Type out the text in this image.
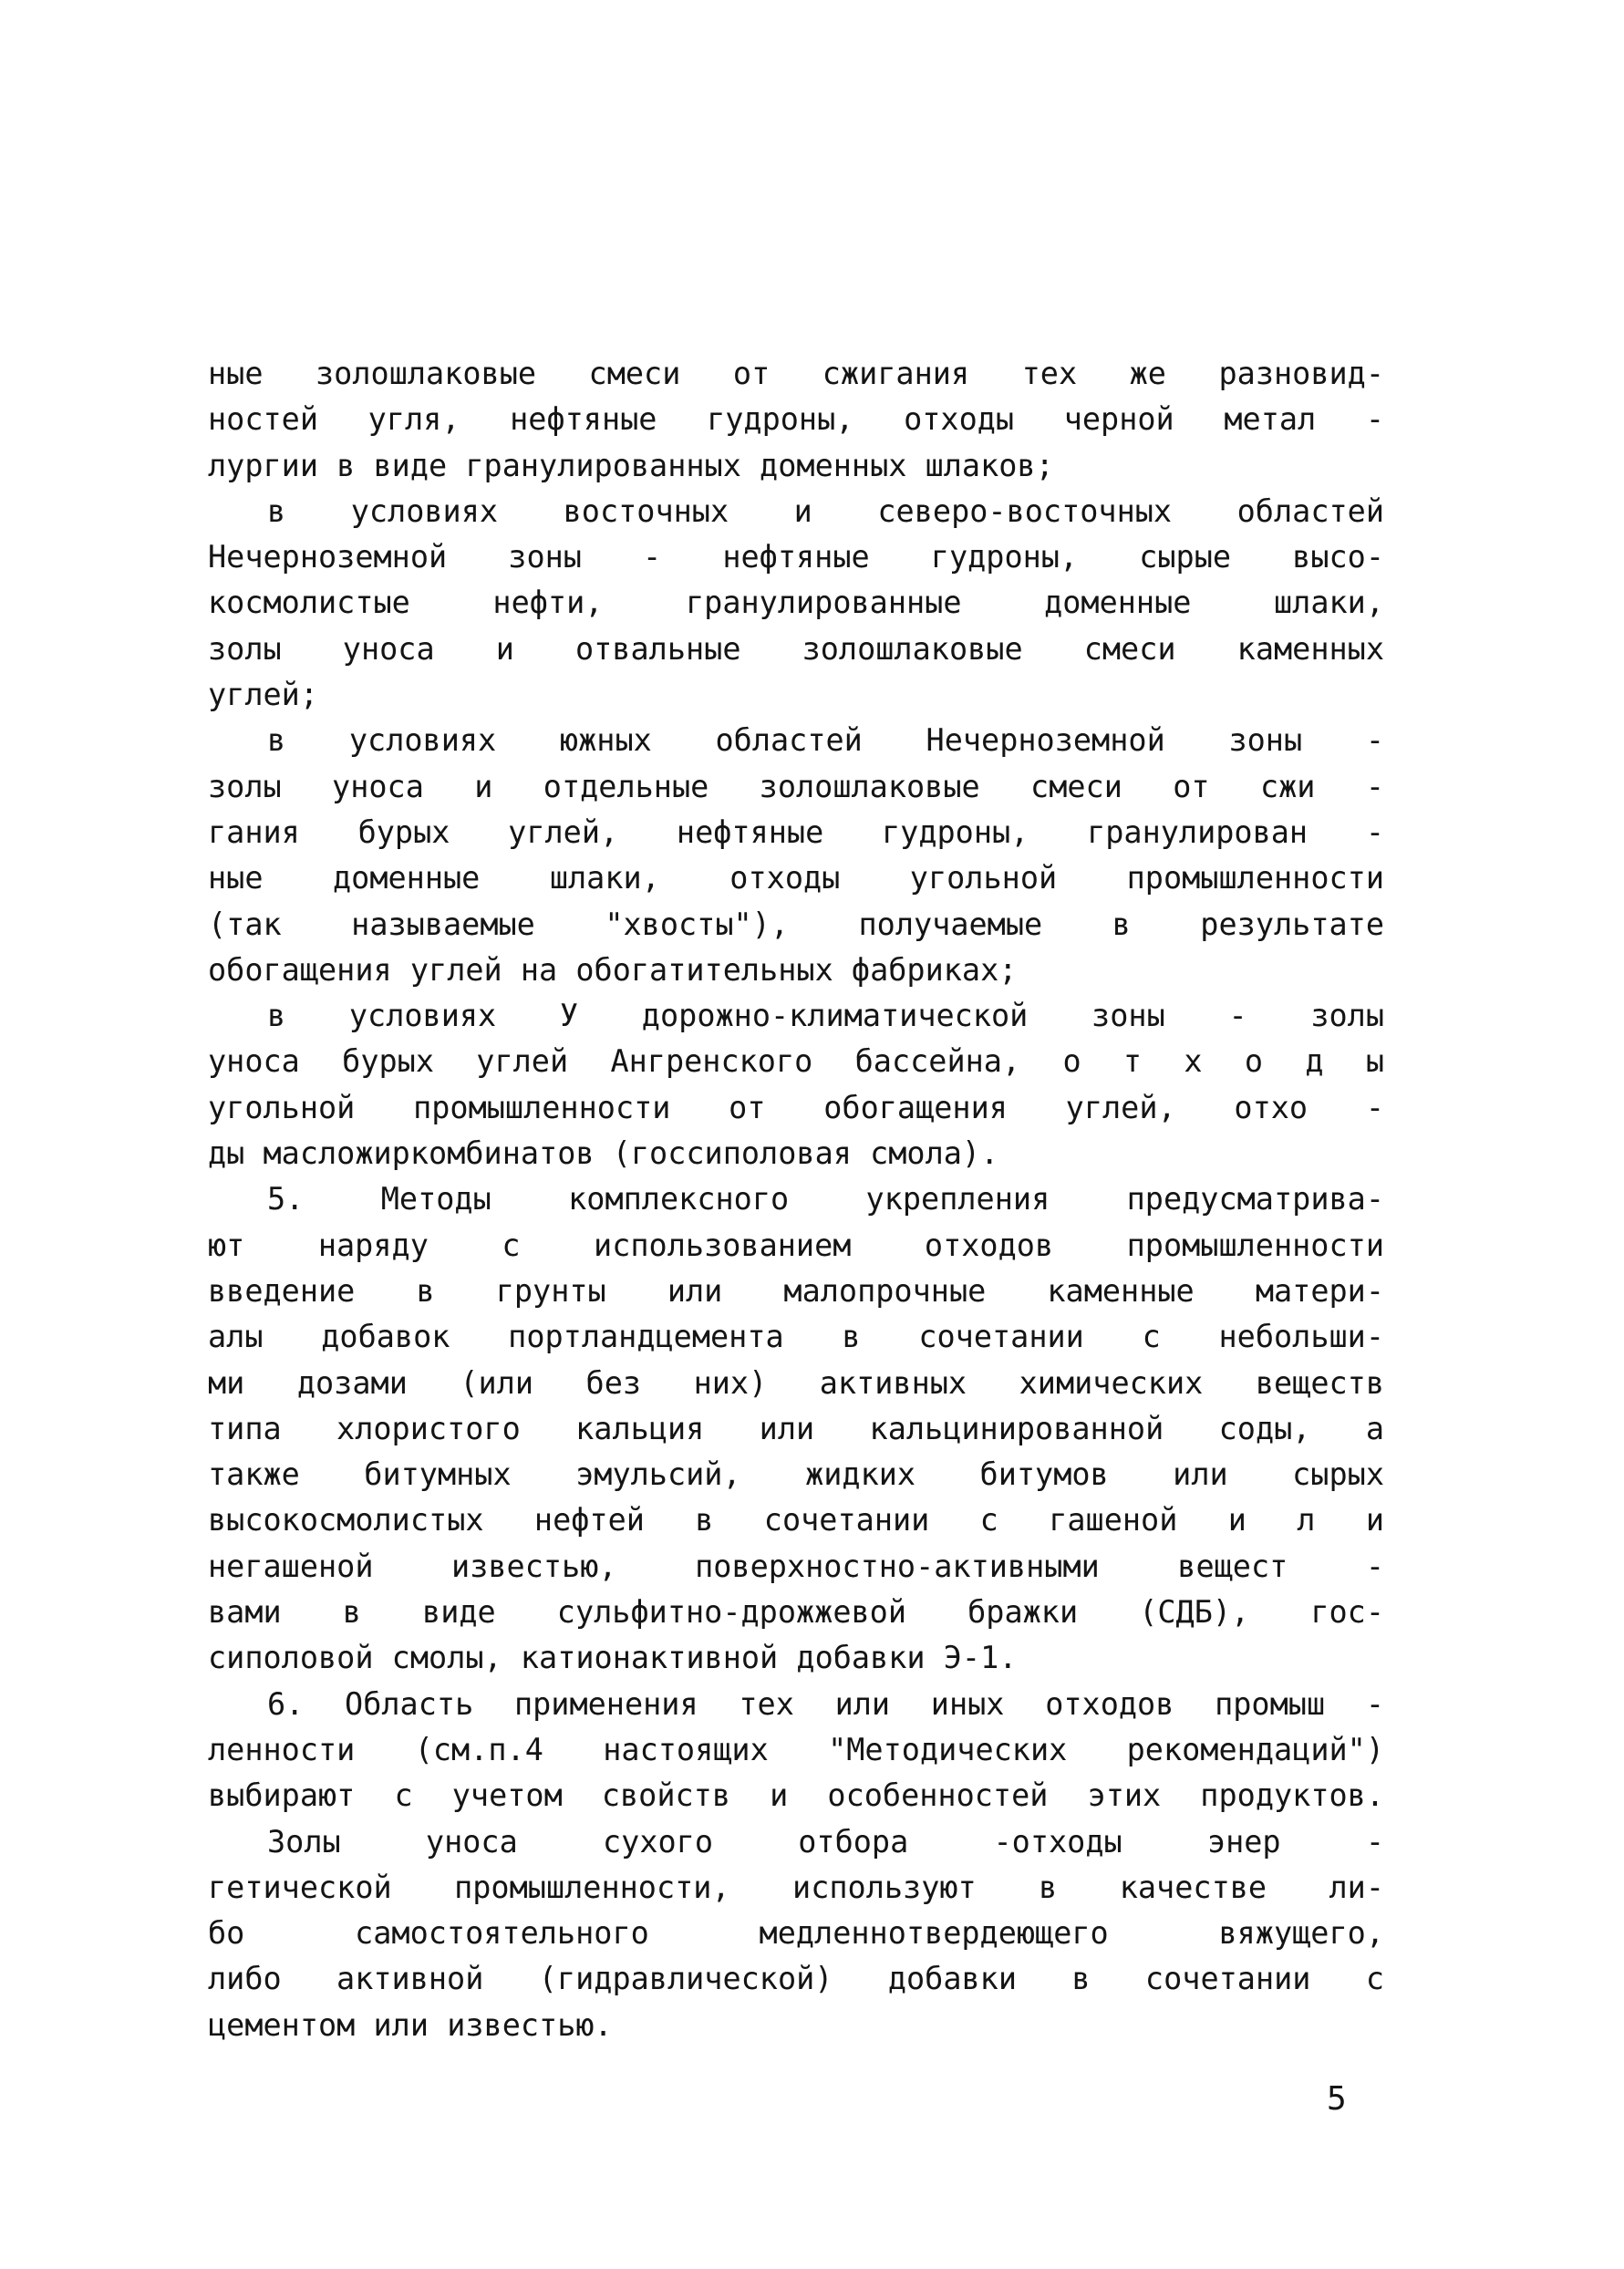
ные золошлаковые смеси от сжигания тех же разновид-
ностей угля, нефтяные гудроны, отходы черной метал -
лургии в виде гранулированных доменных шлаков;
в условиях восточных и северо-восточных областей
Нечерноземной зоны - нефтяные гудроны, сырые высо-
космолистые нефти, гранулированные доменные шлаки,
золы уноса и отвальные золошлаковые смеси каменных
углей;
в условиях южных областей Нечерноземной зоны -
золы уноса и отдельные золошлаковые смеси от сжи -
гания бурых углей, нефтяные гудроны, гранулирован -
ные доменные шлаки, отходы угольной промышленности
(так называемые "хвосты"), получаемые в результате
обогащения углей на обогатительных фабриках;
в условиях У дорожно-климатической зоны - золы
уноса бурых углей Ангренского бассейна, о т х о д ы
угольной промышленности от обогащения углей, отхо -
ды масложиркомбинатов (госсиполовая смола).
5. Методы комплексного укрепления предусматрива-
ют наряду с использованием отходов промышленности
введение в грунты или малопрочные каменные матери-
алы добавок портландцемента в сочетании с небольши-
ми дозами (или без них) активных химических веществ
типа хлористого кальция или кальцинированной соды, а
также битумных эмульсий, жидких битумов или сырых
высокосмолистых нефтей в сочетании с гашеной и л и
негашеной известью, поверхностно-активными вещест -
вами в виде сульфитно-дрожжевой бражки (СДБ), гос-
сиполовой смолы, катионактивной добавки Э-1.
6. Область применения тех или иных отходов промыш -
ленности (см.п.4 настоящих "Методических рекомендаций")
выбирают с учетом свойств и особенностей этих продуктов.
Золы уноса сухого отбора -отходы энер -
гетической промышленности, используют в качестве ли-
бо самостоятельного медленнотвердеющего вяжущего,
либо активной (гидравлической) добавки в сочетании с
цементом или известью.
5
